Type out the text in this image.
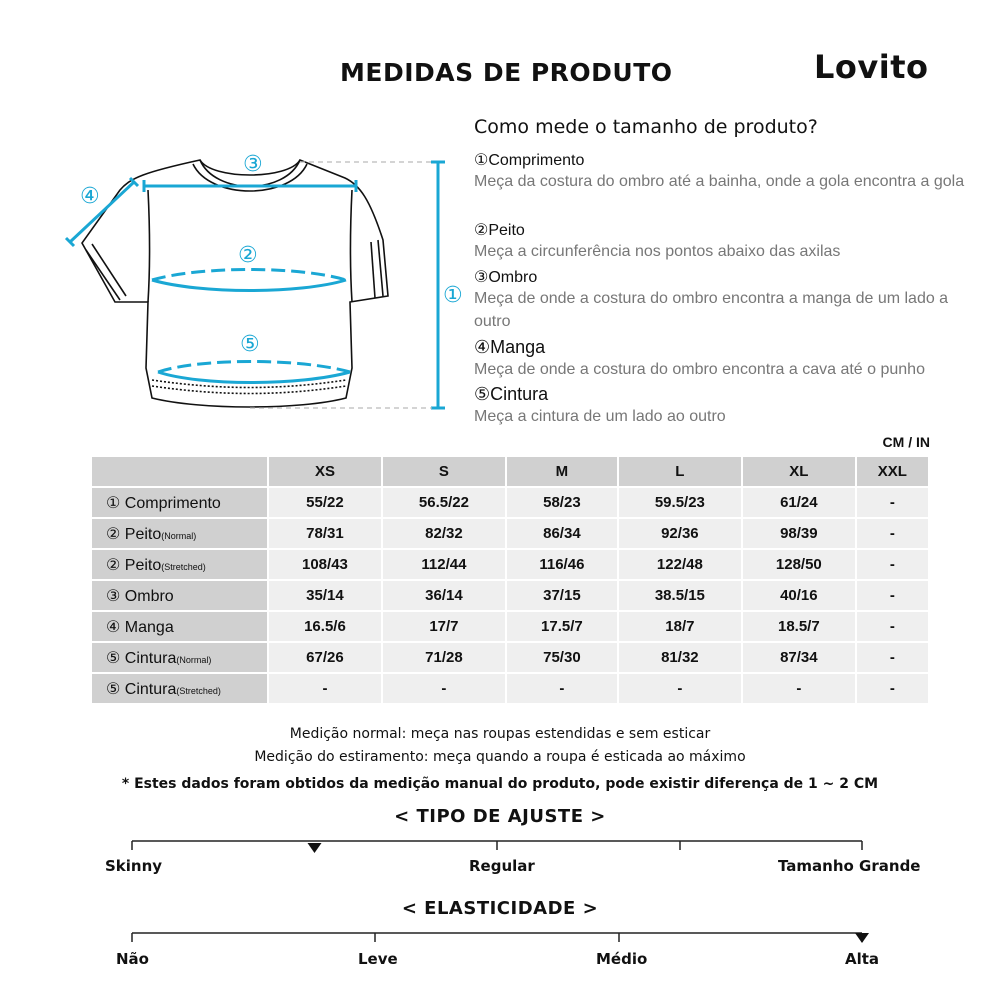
MEDIDAS DE PRODUTO	Lovito
③
④
②
①
⑤
Como mede o tamanho de produto?
①Comprimento
Meça da costura do ombro até a bainha, onde a gola encontra a gola
②Peito
Meça a circunferência nos pontos abaixo das axilas
③Ombro
Meça de onde a costura do ombro encontra a manga de um lado a outro
④Manga
Meça de onde a costura do ombro encontra a cava até o punho
⑤Cintura
Meça a cintura de um lado ao outro
CM / IN
	XS	S	M	L	XL	XXL
① Comprimento	55/22	56.5/22	58/23	59.5/23	61/24	-
② Peito(Normal)	78/31	82/32	86/34	92/36	98/39	-
② Peito(Stretched)	108/43	112/44	116/46	122/48	128/50	-
③ Ombro	35/14	36/14	37/15	38.5/15	40/16	-
④ Manga	16.5/6	17/7	17.5/7	18/7	18.5/7	-
⑤ Cintura(Normal)	67/26	71/28	75/30	81/32	87/34	-
⑤ Cintura(Stretched)	-	-	-	-	-	-
Medição normal: meça nas roupas estendidas e sem esticar
Medição do estiramento: meça quando a roupa é esticada ao máximo
* Estes dados foram obtidos da medição manual do produto, pode existir diferença de 1 ~ 2 CM
< TIPO DE AJUSTE >
Skinny	Regular	Tamanho Grande
< ELASTICIDADE >
Não	Leve	Médio	Alta
